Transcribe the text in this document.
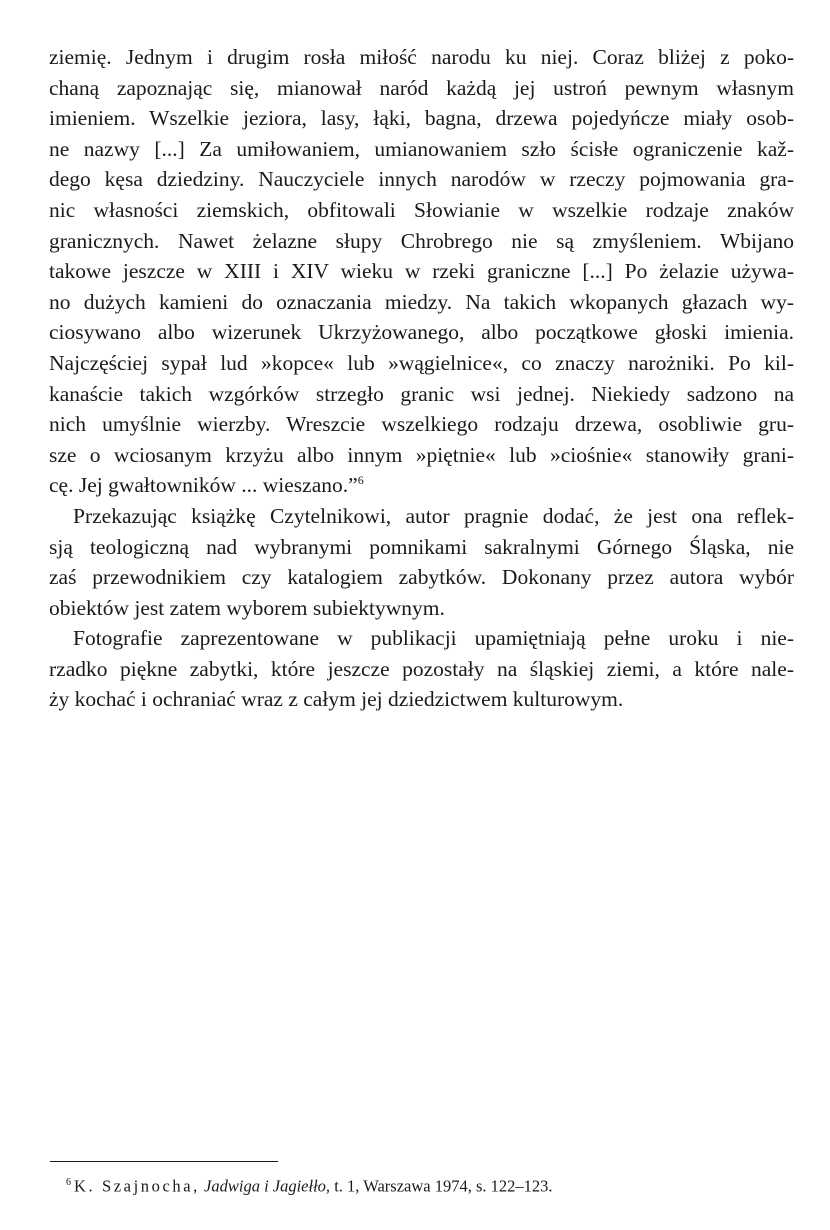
ziemię. Jednym i drugim rosła miłość narodu ku niej. Coraz bliżej z poko-
chaną zapoznając się, mianował naród każdą jej ustroń pewnym własnym
imieniem. Wszelkie jeziora, lasy, łąki, bagna, drzewa pojedyńcze miały osob-
ne nazwy [...] Za umiłowaniem, umianowaniem szło ścisłe ograniczenie kaž-
dego kęsa dziedziny. Nauczyciele innych narodów w rzeczy pojmowania gra-
nic własności ziemskich, obfitowali Słowianie w wszelkie rodzaje znaków
granicznych. Nawet żelazne słupy Chrobrego nie są zmyśleniem. Wbijano
takowe jeszcze w XIII i XIV wieku w rzeki graniczne [...] Po żelazie używa-
no dużych kamieni do oznaczania miedzy. Na takich wkopanych głazach wy-
ciosywano albo wizerunek Ukrzyżowanego, albo początkowe głoski imienia.
Najczęściej sypał lud »kopce« lub »wągielnice«, co znaczy narożniki. Po kil-
kanaście takich wzgórków strzegło granic wsi jednej. Niekiedy sadzono na
nich umyślnie wierzby. Wreszcie wszelkiego rodzaju drzewa, osobliwie gru-
sze o wciosanym krzyżu albo innym »piętnie« lub »ciośnie« stanowiły grani-
cę. Jej gwałtowników ... wieszano.”$^6$
Przekazując książkę Czytelnikowi, autor pragnie dodać, że jest ona reflek-
sją teologiczną nad wybranymi pomnikami sakralnymi Górnego Śląska, nie
zaś przewodnikiem czy katalogiem zabytków. Dokonany przez autora wybór
obiektów jest zatem wyborem subiektywnym.
Fotografie zaprezentowane w publikacji upamiętniają pełne uroku i nie-
rzadko piękne zabytki, które jeszcze pozostały na śląskiej ziemi, a które nale-
ży kochać i ochraniać wraz z całym jej dziedzictwem kulturowym.
$^6$ K. Szajnocha, Jadwiga i Jagiełło, t. 1, Warszawa 1974, s. 122–123.
